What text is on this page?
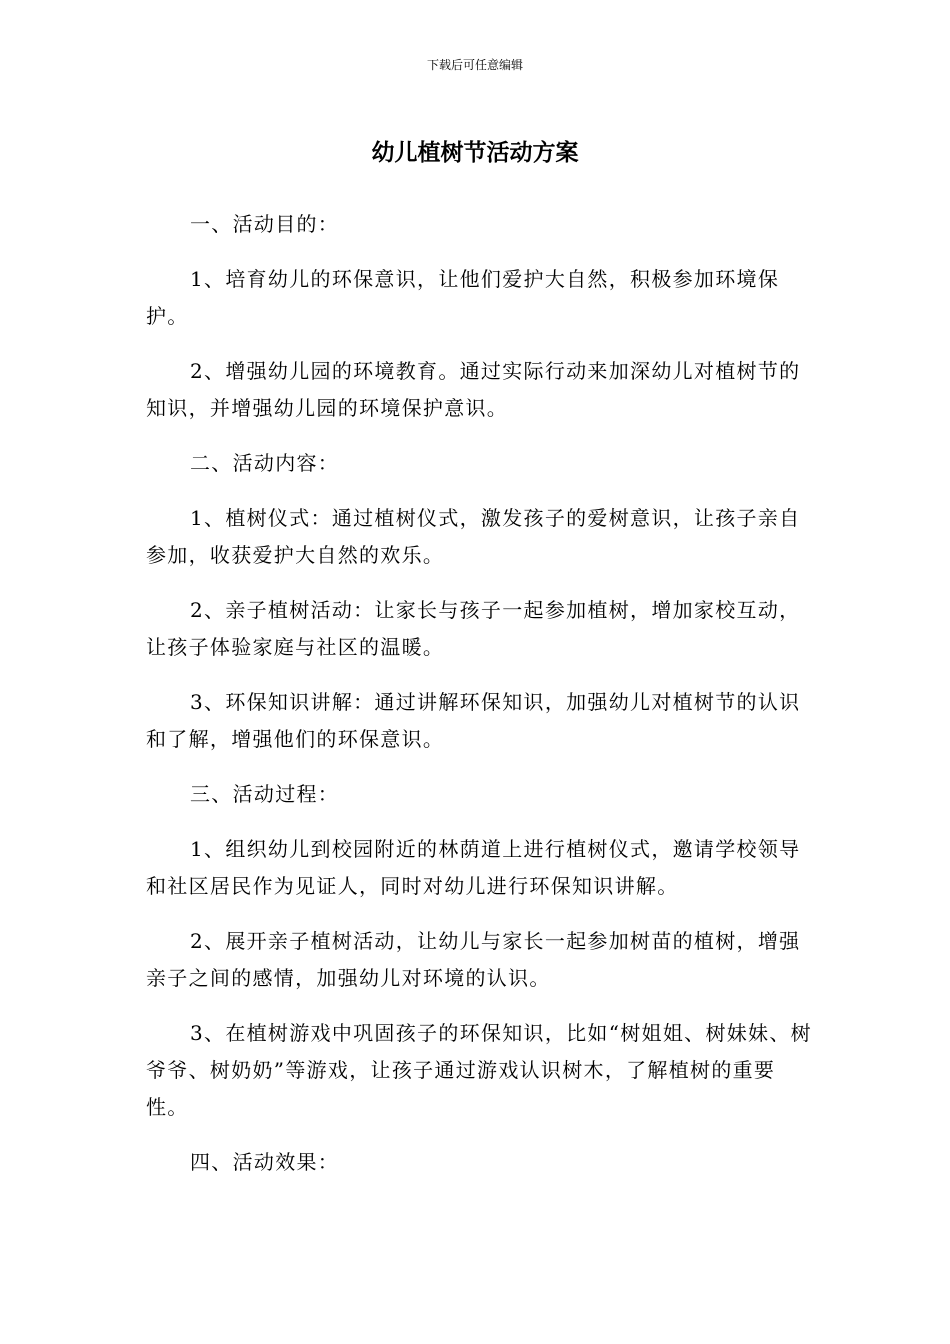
下载后可任意编辑
幼儿植树节活动方案

一、活动目的：

1、培育幼儿的环保意识，让他们爱护大自然，积极参加环境保护。

2、增强幼儿园的环境教育。通过实际行动来加深幼儿对植树节的知识，并增强幼儿园的环境保护意识。

二、活动内容：

1、植树仪式：通过植树仪式，激发孩子的爱树意识，让孩子亲自参加，收获爱护大自然的欢乐。

2、亲子植树活动：让家长与孩子一起参加植树，增加家校互动，让孩子体验家庭与社区的温暖。

3、环保知识讲解：通过讲解环保知识，加强幼儿对植树节的认识和了解，增强他们的环保意识。

三、活动过程：

1、组织幼儿到校园附近的林荫道上进行植树仪式，邀请学校领导和社区居民作为见证人，同时对幼儿进行环保知识讲解。

2、展开亲子植树活动，让幼儿与家长一起参加树苗的植树，增强亲子之间的感情，加强幼儿对环境的认识。

3、在植树游戏中巩固孩子的环保知识，比如“树姐姐、树妹妹、树爷爷、树奶奶”等游戏，让孩子通过游戏认识树木，了解植树的重要性。

四、活动效果：
